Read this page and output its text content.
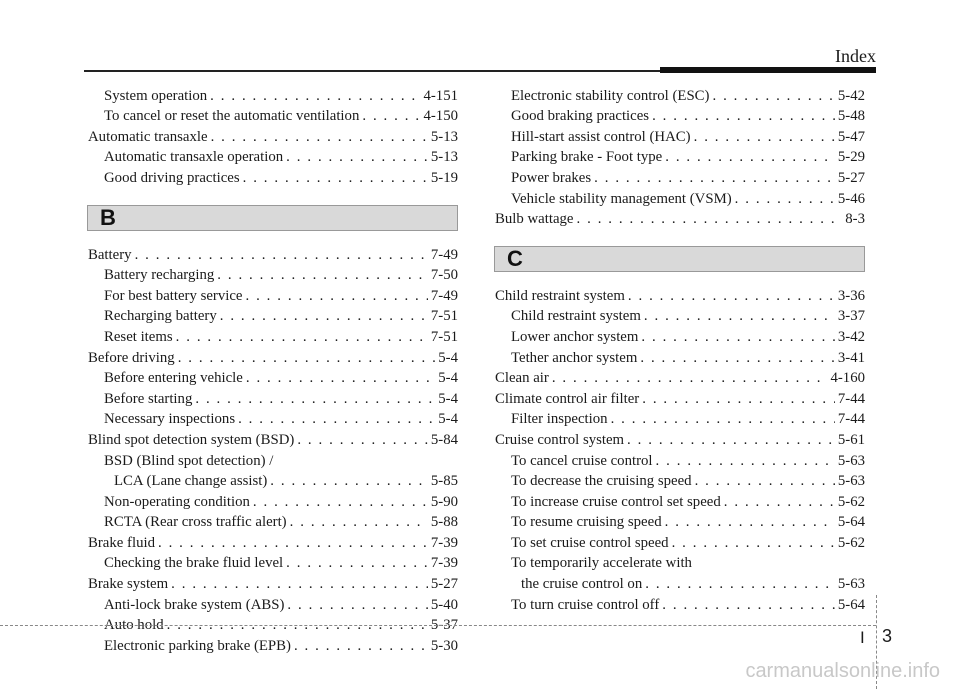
Index
System operation . . .	4-151
To cancel or reset the automatic ventilation . . .	4-150
Automatic transaxle . . .	5-13
Automatic transaxle operation . . .	5-13
Good driving practices . . .	5-19
B
Battery . . .	7-49
Battery recharging . . .	7-50
For best battery service . . .	7-49
Recharging battery . . .	7-51
Reset items . . .	7-51
Before driving . . .	5-4
Before entering vehicle . . .	5-4
Before starting . . .	5-4
Necessary inspections . . .	5-4
Blind spot detection system (BSD) . . .	5-84
BSD (Blind spot detection) /
LCA (Lane change assist) . . .	5-85
Non-operating condition . . .	5-90
RCTA (Rear cross traffic alert) . . .	5-88
Brake fluid . . .	7-39
Checking the brake fluid level . . .	7-39
Brake system . . .	5-27
Anti-lock brake system (ABS) . . .	5-40
Auto hold . . .	5-37
Electronic parking brake (EPB) . . .	5-30
Electronic stability control (ESC) . . .	5-42
Good braking practices . . .	5-48
Hill-start assist control (HAC) . . .	5-47
Parking brake - Foot type . . .	5-29
Power brakes . . .	5-27
Vehicle stability management (VSM) . . .	5-46
Bulb wattage . . .	8-3
C
Child restraint system . . .	3-36
Child restraint system . . .	3-37
Lower anchor system . . .	3-42
Tether anchor system . . .	3-41
Clean air . . .	4-160
Climate control air filter . . .	7-44
Filter inspection . . .	7-44
Cruise control system . . .	5-61
To cancel cruise control . . .	5-63
To decrease the cruising speed . . .	5-63
To increase cruise control set speed . . .	5-62
To resume cruising speed . . .	5-64
To set cruise control speed . . .	5-62
To temporarily accelerate with
the cruise control on . . .	5-63
To turn cruise control off . . .	5-64
I 3
carmanualsonline.info
